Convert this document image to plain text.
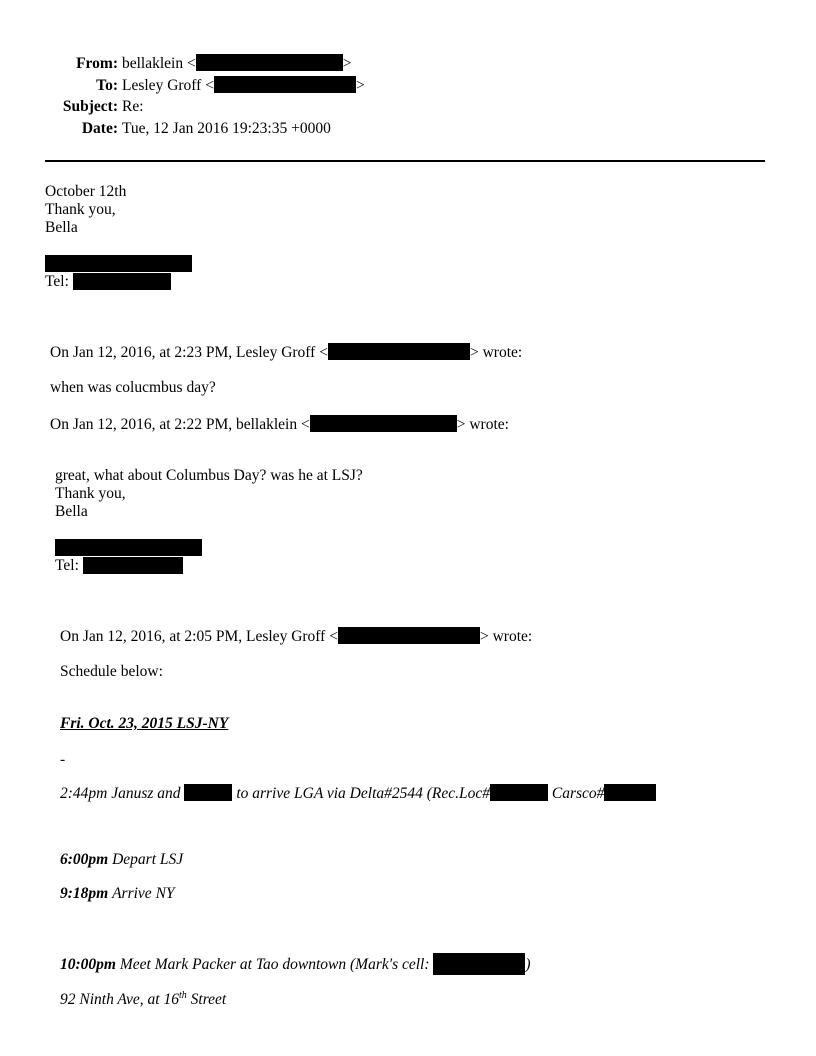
From: bellaklein <	>
To: Lesley Groff <	>
Subject: Re:
Date: Tue, 12 Jan 2016 19:23:35 +0000
October 12th
Thank you,
Bella
Tel:
On Jan 12, 2016, at 2:23 PM, Lesley Groff <	> wrote:
when was colucmbus day?
On Jan 12, 2016, at 2:22 PM, bellaklein <	> wrote:
great, what about Columbus Day? was he at LSJ?
Thank you,
Bella
Tel:
On Jan 12, 2016, at 2:05 PM, Lesley Groff <	> wrote:
Schedule below:
Fri. Oct. 23, 2015 LSJ-NY
-
2:44pm Janusz and	to arrive LGA via Delta#2544 (Rec.Loc#	Carsco#
6:00pm Depart LSJ
9:18pm Arrive NY
10:00pm Meet Mark Packer at Tao downtown (Mark's cell:	)
92 Ninth Ave, at 16th Street
